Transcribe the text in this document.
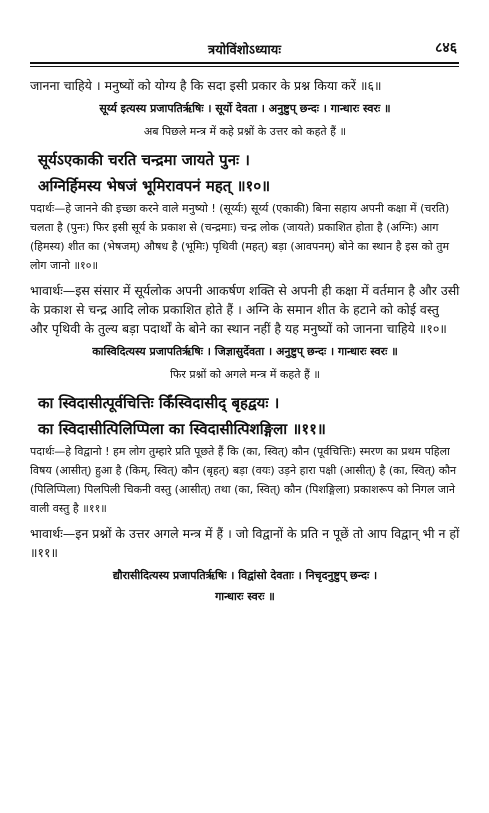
त्रयोविंशोऽध्यायः	८४६

जानना चाहिये । मनुष्यों को योग्य है कि सदा इसी प्रकार के प्रश्न किया करें ॥६॥

सूर्य्य इत्यस्य प्रजापतिर्ऋषिः । सूर्यो देवता । अनुष्टुप् छन्दः । गान्धारः स्वरः ॥

अब पिछले मन्त्र में कहे प्रश्नों के उत्तर को कहते हैं ॥

सूर्यऽएकाकी चरति चन्द्रमा जायते पुनः ।

अग्निर्हिमस्य भेषजं भूमिरावपनं महत् ॥१०॥

पदार्थः—हे जानने की इच्छा करने वाले मनुष्यो ! (सूर्य्यः) सूर्य्य (एकाकी) बिना सहाय अपनी कक्षा में (चरति) चलता है (पुनः) फिर इसी सूर्य के प्रकाश से (चन्द्रमाः) चन्द्र लोक (जायते) प्रकाशित होता है (अग्निः) आग (हिमस्य) शीत का (भेषजम्) औषध है (भूमिः) पृथिवी (महत्) बड़ा (आवपनम्) बोने का स्थान है इस को तुम लोग जानो ॥१०॥

भावार्थः—इस संसार में सूर्यलोक अपनी आकर्षण शक्ति से अपनी ही कक्षा में वर्तमान है और उसी के प्रकाश से चन्द्र आदि लोक प्रकाशित होते हैं । अग्नि के समान शीत के हटाने को कोई वस्तु और पृथिवी के तुल्य बड़ा पदार्थों के बोने का स्थान नहीं है यह मनुष्यों को जानना चाहिये ॥१०॥

कास्विदित्यस्य प्रजापतिर्ऋषिः । जिज्ञासुर्देवता । अनुष्टुप् छन्दः । गान्धारः स्वरः ॥

फिर प्रश्नों को अगले मन्त्र में कहते हैं ॥

का स्विदासीत्पूर्वचित्तिः किँस्विदासीद् बृहद्वयः ।

का स्विदासीत्पिलिप्पिला का स्विदासीत्पिशङ्गिला ॥११॥

पदार्थः—हे विद्वानो ! हम लोग तुम्हारे प्रति पूछते हैं कि (का, स्वित्) कौन (पूर्वचित्तिः) स्मरण का प्रथम पहिला विषय (आसीत्) हुआ है (किम्, स्वित्) कौन (बृहत्) बड़ा (वयः) उड़ने हारा पक्षी (आसीत्) है (का, स्वित्) कौन (पिलिप्पिला) पिलपिली चिकनी वस्तु (आसीत्) तथा (का, स्वित्) कौन (पिशङ्गिला) प्रकाशरूप को निगल जाने वाली वस्तु है ॥११॥

भावार्थः—इन प्रश्नों के उत्तर अगले मन्त्र में हैं । जो विद्वानों के प्रति न पूछें तो आप विद्वान् भी न हों ॥११॥

द्यौरासीदित्यस्य प्रजापतिर्ऋषिः । विद्वांसो देवताः । निचृदनुष्टुप् छन्दः ।

गान्धारः स्वरः ॥
